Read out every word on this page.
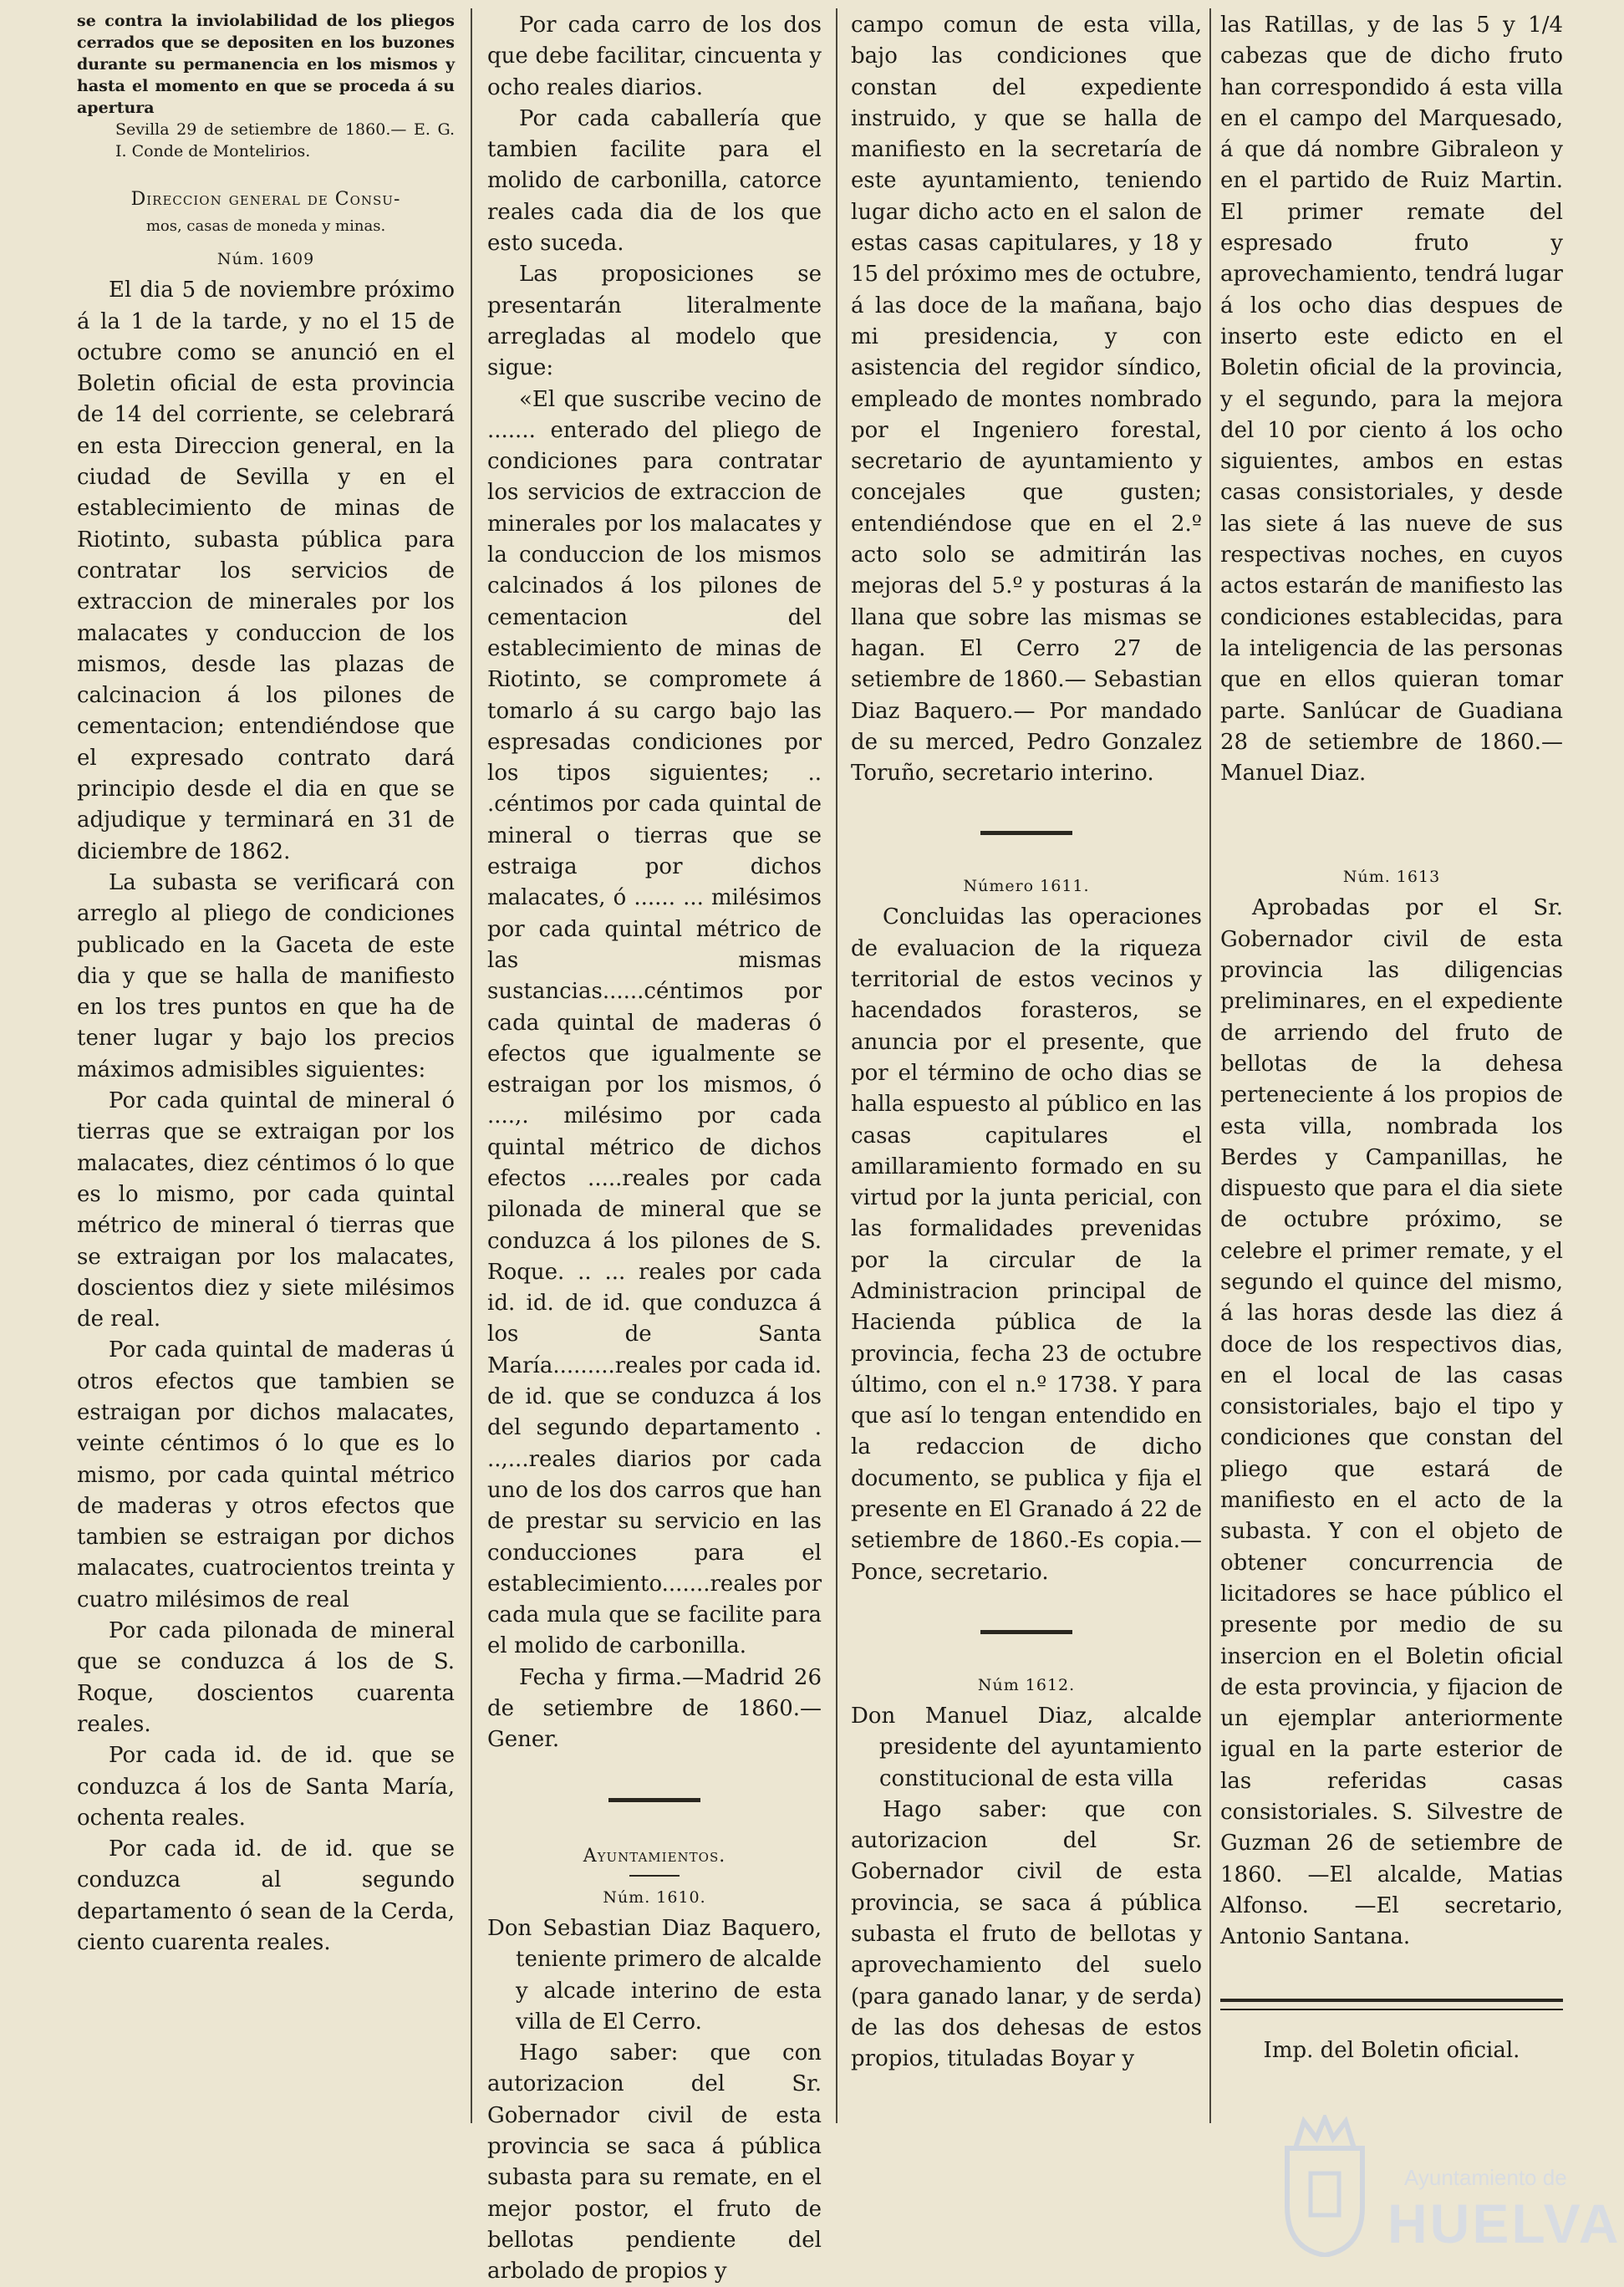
se contra la inviolabilidad de los pliegos cerrados que se depositen en los buzones durante su permanencia en los mismos y hasta el momento en que se proceda á su apertura
Sevilla 29 de setiembre de 1860.— E. G. I. Conde de Montelirios.
Direccion general de Consu-
mos, casas de moneda y minas.
Núm. 1609

El dia 5 de noviembre próximo á la 1 de la tarde, y no el 15 de octubre como se anunció en el Boletin oficial de esta provincia de 14 del corriente, se celebrará en esta Direccion general, en la ciudad de Sevilla y en el establecimiento de minas de Riotinto, subasta pública para contratar los servicios de extraccion de minerales por los malacates y conduccion de los mismos, desde las plazas de calcinacion á los pilones de cementacion; entendiéndose que el expresado contrato dará principio desde el dia en que se adjudique y terminará en 31 de diciembre de 1862.

La subasta se verificará con arreglo al pliego de condiciones publicado en la Gaceta de este dia y que se halla de manifiesto en los tres puntos en que ha de tener lugar y bajo los precios máximos admisibles siguientes:

Por cada quintal de mineral ó tierras que se extraigan por los malacates, diez céntimos ó lo que es lo mismo, por cada quintal métrico de mineral ó tierras que se extraigan por los malacates, doscientos diez y siete milésimos de real.

Por cada quintal de maderas ú otros efectos que tambien se estraigan por dichos malacates, veinte céntimos ó lo que es lo mismo, por cada quintal métrico de maderas y otros efectos que tambien se estraigan por dichos malacates, cuatrocientos treinta y cuatro milésimos de real

Por cada pilonada de mineral que se conduzca á los de S. Roque, doscientos cuarenta reales.

Por cada id. de id. que se conduzca á los de Santa María, ochenta reales.

Por cada id. de id. que se conduzca al segundo departamento ó sean de la Cerda, ciento cuarenta reales.

Por cada carro de los dos que debe facilitar, cincuenta y ocho reales diarios.

Por cada caballería que tambien facilite para el molido de carbonilla, catorce reales cada dia de los que esto suceda.

Las proposiciones se presentarán literalmente arregladas al modelo que sigue:

«El que suscribe vecino de ....... enterado del pliego de condiciones para contratar los servicios de extraccion de minerales por los malacates y la conduccion de los mismos calcinados á los pilones de cementacion del establecimiento de minas de Riotinto, se compromete á tomarlo á su cargo bajo las espresadas condiciones por los tipos siguientes; .. .céntimos por cada quintal de mineral o tierras que se estraiga por dichos malacates, ó ...... ... milésimos por cada quintal métrico de las mismas sustancias......céntimos por cada quintal de maderas ó efectos que igualmente se estraigan por los mismos, ó ....,. milésimo por cada quintal métrico de dichos efectos .....reales por cada pilonada de mineral que se conduzca á los pilones de S. Roque. .. ... reales por cada id. id. de id. que conduzca á los de Santa María.........reales por cada id. de id. que se conduzca á los del segundo departamento . ..,...reales diarios por cada uno de los dos carros que han de prestar su servicio en las conducciones para el establecimiento.......reales por cada mula que se facilite para el molido de carbonilla.

Fecha y firma.—Madrid 26 de setiembre de 1860.— Gener.

Ayuntamientos.
Núm. 1610.

Don Sebastian Diaz Baquero, teniente primero de alcalde y alcade interino de esta villa de El Cerro.

Hago saber: que con autorizacion del Sr. Gobernador civil de esta provincia se saca á pública subasta para su remate, en el mejor postor, el fruto de bellotas pendiente del arbolado de propios y

campo comun de esta villa, bajo las condiciones que constan del expediente instruido, y que se halla de manifiesto en la secretaría de este ayuntamiento, teniendo lugar dicho acto en el salon de estas casas capitulares, y 18 y 15 del próximo mes de octubre, á las doce de la mañana, bajo mi presidencia, y con asistencia del regidor síndico, empleado de montes nombrado por el Ingeniero forestal, secretario de ayuntamiento y concejales que gusten; entendiéndose que en el 2.º acto solo se admitirán las mejoras del 5.º y posturas á la llana que sobre las mismas se hagan. El Cerro 27 de setiembre de 1860.— Sebastian Diaz Baquero.— Por mandado de su merced, Pedro Gonzalez Toruño, secretario interino.

Número 1611.

Concluidas las operaciones de evaluacion de la riqueza territorial de estos vecinos y hacendados forasteros, se anuncia por el presente, que por el término de ocho dias se halla espuesto al público en las casas capitulares el amillaramiento formado en su virtud por la junta pericial, con las formalidades prevenidas por la circular de la Administracion principal de Hacienda pública de la provincia, fecha 23 de octubre último, con el n.º 1738. Y para que así lo tengan entendido en la redaccion de dicho documento, se publica y fija el presente en El Granado á 22 de setiembre de 1860.-Es copia.—Ponce, secretario.

Núm 1612.

Don Manuel Diaz, alcalde presidente del ayuntamiento constitucional de esta villa

Hago saber: que con autorizacion del Sr. Gobernador civil de esta provincia, se saca á pública subasta el fruto de bellotas y aprovechamiento del suelo (para ganado lanar, y de serda) de las dos dehesas de estos propios, tituladas Boyar y

las Ratillas, y de las 5 y 1/4 cabezas que de dicho fruto han correspondido á esta villa en el campo del Marquesado, á que dá nombre Gibraleon y en el partido de Ruiz Martin. El primer remate del espresado fruto y aprovechamiento, tendrá lugar á los ocho dias despues de inserto este edicto en el Boletin oficial de la provincia, y el segundo, para la mejora del 10 por ciento á los ocho siguientes, ambos en estas casas consistoriales, y desde las siete á las nueve de sus respectivas noches, en cuyos actos estarán de manifiesto las condiciones establecidas, para la inteligencia de las personas que en ellos quieran tomar parte. Sanlúcar de Guadiana 28 de setiembre de 1860.— Manuel Diaz.

Núm. 1613

Aprobadas por el Sr. Gobernador civil de esta provincia las diligencias preliminares, en el expediente de arriendo del fruto de bellotas de la dehesa perteneciente á los propios de esta villa, nombrada los Berdes y Campanillas, he dispuesto que para el dia siete de octubre próximo, se celebre el primer remate, y el segundo el quince del mismo, á las horas desde las diez á doce de los respectivos dias, en el local de las casas consistoriales, bajo el tipo y condiciones que constan del pliego que estará de manifiesto en el acto de la subasta. Y con el objeto de obtener concurrencia de licitadores se hace público el presente por medio de su insercion en el Boletin oficial de esta provincia, y fijacion de un ejemplar anteriormente igual en la parte esterior de las referidas casas consistoriales. S. Silvestre de Guzman 26 de setiembre de 1860. —El alcalde, Matias Alfonso. —El secretario, Antonio Santana.

Imp. del Boletin oficial.
Ayuntamiento de
HUELVA
